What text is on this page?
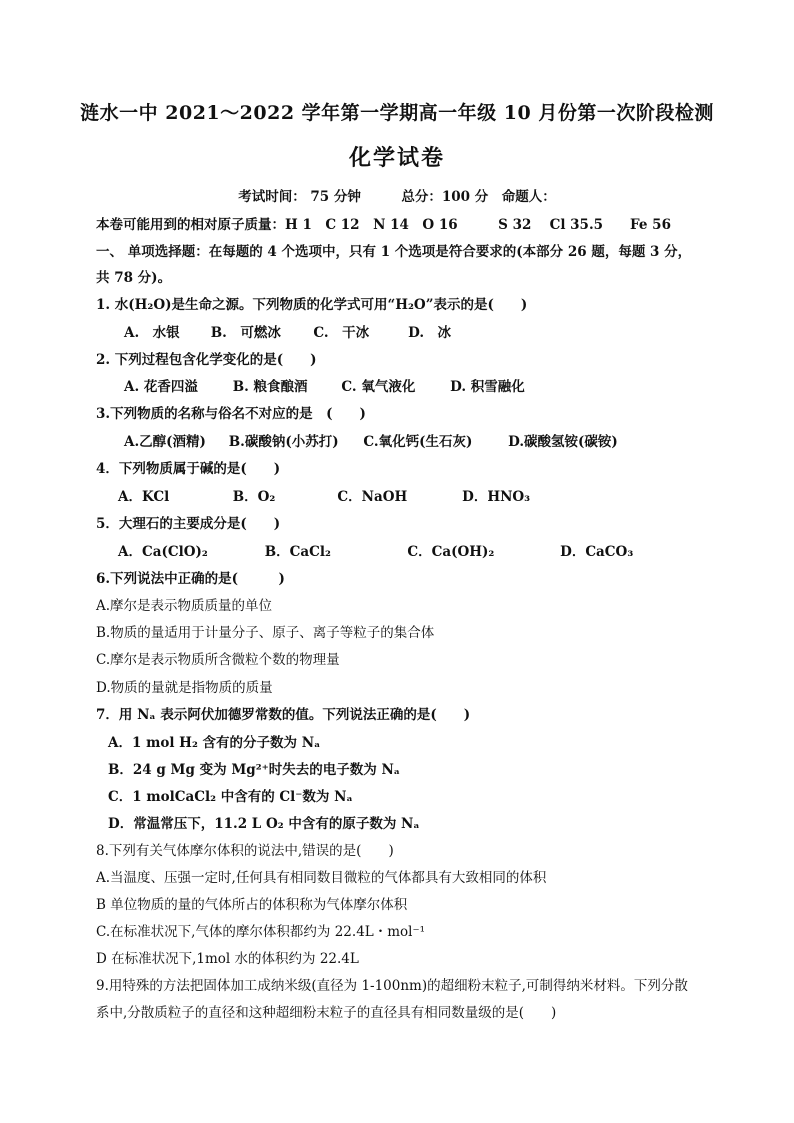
涟水一中 2021～2022 学年第一学期高一年级 10 月份第一次阶段检测
化学试卷
考试时间： 75 分钟　　　总分：100 分　命题人：
本卷可能用到的相对原子质量：H 1　C 12　N 14　O 16　　　S 32　 Cl 35.5　　Fe 56
一、 单项选择题：在每题的 4 个选项中，只有 1 个选项是符合要求的(本部分 26 题，每题 3 分，
共 78 分)。
1. 水(H₂O)是生命之源。下列物质的化学式可用“H₂O”表示的是(　　)
A.　水银 B.　可燃冰 C.　干冰	D.　冰
2. 下列过程包含化学变化的是(　　)
A. 花香四溢	B. 粮食酿酒	C. 氧气液化	D. 积雪融化
3.下列物质的名称与俗名不对应的是　(　　)
A.乙醇(酒精) B.碳酸钠(小苏打) C.氧化钙(生石灰)	D.碳酸氢铵(碳铵)
4．下列物质属于碱的是(　　)
A．KCl	B．O₂	C．NaOH	D．HNO₃
5．大理石的主要成分是(　　)
A．Ca(ClO)₂	B．CaCl₂	C．Ca(OH)₂	D．CaCO₃
6.下列说法中正确的是(　　　)
A.摩尔是表示物质质量的单位
B.物质的量适用于计量分子、原子、离子等粒子的集合体
C.摩尔是表示物质所含微粒个数的物理量
D.物质的量就是指物质的质量
7．用 Nₐ 表示阿伏加德罗常数的值。下列说法正确的是(　　)
A．1 mol H₂ 含有的分子数为 Nₐ
B．24 g Mg 变为 Mg²⁺时失去的电子数为 Nₐ
C．1 molCaCl₂ 中含有的 Cl⁻数为 Nₐ
D．常温常压下，11.2 L O₂ 中含有的原子数为 Nₐ
8.下列有关气体摩尔体积的说法中,错误的是(　　)
A.当温度、压强一定时,任何具有相同数目微粒的气体都具有大致相同的体积
B 单位物质的量的气体所占的体积称为气体摩尔体积
C.在标准状况下,气体的摩尔体积都约为 22.4L・mol⁻¹
D 在标准状况下,1mol 水的体积约为 22.4L
9.用特殊的方法把固体加工成纳米级(直径为 1-100nm)的超细粉末粒子,可制得纳米材料。下列分散
系中,分散质粒子的直径和这种超细粉末粒子的直径具有相同数量级的是(　　)
